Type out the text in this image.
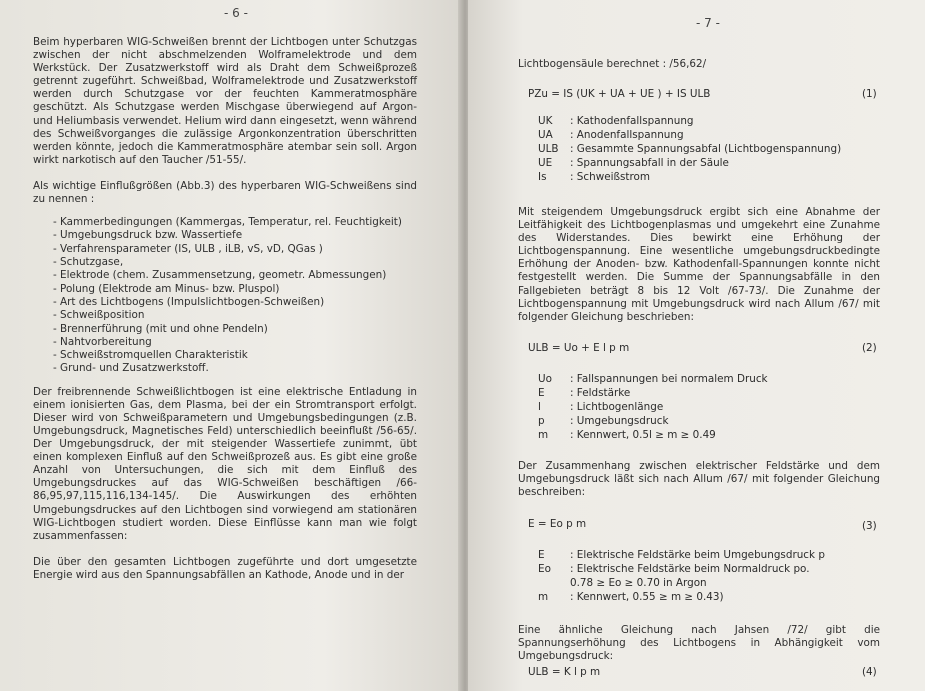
- 6 -

Beim hyperbaren WIG-Schweißen brennt der Lichtbogen unter Schutzgas zwischen der nicht abschmelzenden Wolframelektrode und dem Werkstück. Der Zusatzwerkstoff wird als Draht dem Schweißprozeß getrennt zugeführt. Schweißbad, Wolframelektrode und Zusatzwerkstoff werden durch Schutzgase vor der feuchten Kammeratmosphäre geschützt. Als Schutzgase werden Mischgase überwiegend auf Argon- und Heliumbasis verwendet. Helium wird dann eingesetzt, wenn während des Schweißvorganges die zulässige Argonkonzentration überschritten werden könnte, jedoch die Kammeratmosphäre atembar sein soll. Argon wirkt narkotisch auf den Taucher /51-55/.

Als wichtige Einflußgrößen (Abb.3) des hyperbaren WIG-Schweißens sind zu nennen :

- Kammerbedingungen (Kammergas, Temperatur, rel. Feuchtigkeit)
- Umgebungsdruck bzw. Wassertiefe
- Verfahrensparameter (IS, ULB , iLB, vS, vD, QGas )
- Schutzgase,
- Elektrode (chem. Zusammensetzung, geometr. Abmessungen)
- Polung (Elektrode am Minus- bzw. Pluspol)
- Art des Lichtbogens (Impulslichtbogen-Schweißen)
- Schweißposition
- Brennerführung (mit und ohne Pendeln)
- Nahtvorbereitung
- Schweißstromquellen Charakteristik
- Grund- und Zusatzwerkstoff.

Der freibrennende Schweißlichtbogen ist eine elektrische Entladung in einem ionisierten Gas, dem Plasma, bei der ein Stromtransport erfolgt. Dieser wird von Schweißparametern und Umgebungsbedingungen (z.B. Umgebungsdruck, Magnetisches Feld) unterschiedlich beeinflußt /56-65/. Der Umgebungsdruck, der mit steigender Wassertiefe zunimmt, übt einen komplexen Einfluß auf den Schweißprozeß aus. Es gibt eine große Anzahl von Untersuchungen, die sich mit dem Einfluß des Umgebungsdruckes auf das WIG-Schweißen beschäftigen /66-86,95,97,115,116,134-145/. Die Auswirkungen des erhöhten Umgebungsdruckes auf den Lichtbogen sind vorwiegend am stationären WIG-Lichtbogen studiert worden. Diese Einflüsse kann man wie folgt zusammenfassen:

Die über den gesamten Lichtbogen zugeführte und dort umgesetzte Energie wird aus den Spannungsabfällen an Kathode, Anode und in der

- 7 -
Lichtbogensäule berechnet : /56,62/
PZu = IS (UK + UA + UE ) + IS ULB	(1)
UK	: Kathodenfallspannung
UA	: Anodenfallspannung
ULB	: Gesammte Spannungsabfal (Lichtbogenspannung)
UE	: Spannungsabfall in der Säule
Is	: Schweißstrom

Mit steigendem Umgebungsdruck ergibt sich eine Abnahme der Leitfähigkeit des Lichtbogenplasmas und umgekehrt eine Zunahme des Widerstandes. Dies bewirkt eine Erhöhung der Lichtbogenspannung. Eine wesentliche umgebungsdruckbedingte Erhöhung der Anoden- bzw. Kathodenfall-Spannungen konnte nicht festgestellt werden. Die Summe der Spannungsabfälle in den Fallgebieten beträgt 8 bis 12 Volt /67-73/. Die Zunahme der Lichtbogenspannung mit Umgebungsdruck wird nach Allum /67/ mit folgender Gleichung beschrieben:

ULB = Uo + E l p m	(2)
Uo	: Fallspannungen bei normalem Druck
E	: Feldstärke
l	: Lichtbogenlänge
p	: Umgebungsdruck
m	: Kennwert, 0.5l ≥ m ≥ 0.49

Der Zusammenhang zwischen elektrischer Feldstärke und dem Umgebungsdruck läßt sich nach Allum /67/ mit folgender Gleichung beschreiben:

E = Eo p m	(3)
E	: Elektrische Feldstärke beim Umgebungsdruck p
Eo	: Elektrische Feldstärke beim Normaldruck po.
	0.78 ≥ Eo ≥ 0.70 in Argon
m	: Kennwert, 0.55 ≥ m ≥ 0.43)

Eine ähnliche Gleichung nach Jahsen /72/ gibt die Spannungserhöhung des Lichtbogens in Abhängigkeit vom Umgebungsdruck:

ULB = K l p m	(4)
